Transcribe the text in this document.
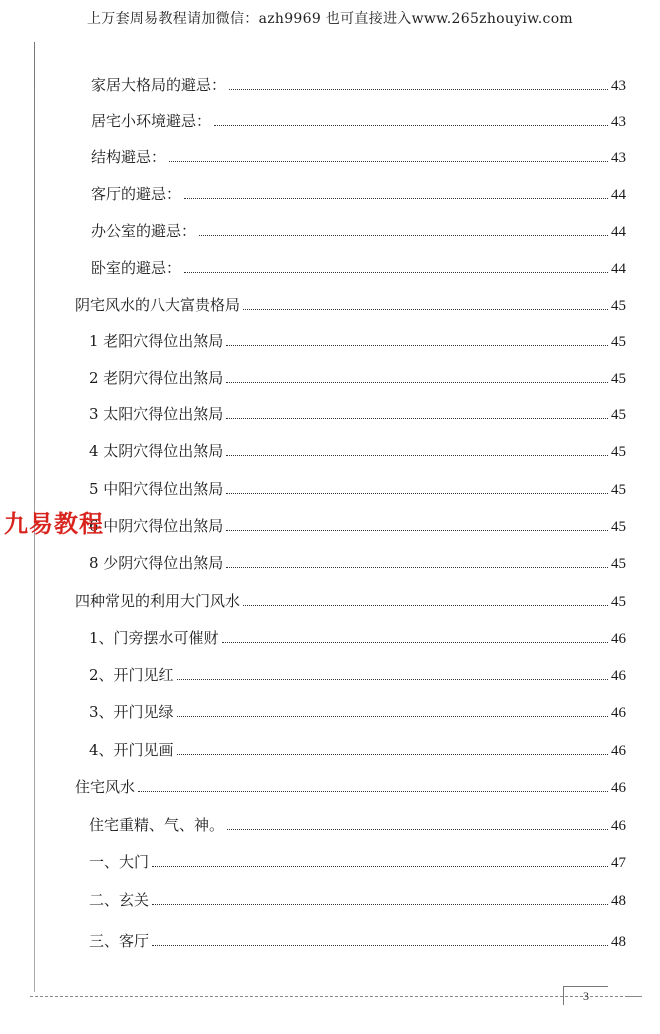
上万套周易教程请加微信：azh9969 也可直接进入www.265zhouyiw.com
家居大格局的避忌：	43
居宅小环境避忌：	43
结构避忌：	43
客厅的避忌：	44
办公室的避忌：	44
卧室的避忌：	44
阴宅风水的八大富贵格局	45
1 老阳穴得位出煞局	45
2 老阴穴得位出煞局	45
3 太阳穴得位出煞局	45
4 太阴穴得位出煞局	45
5 中阳穴得位出煞局	45
6 中阴穴得位出煞局	45
8 少阴穴得位出煞局	45
四种常见的利用大门风水	45
1、门旁摆水可催财	46
2、开门见红	46
3、开门见绿	46
4、开门见画	46
住宅风水	46
住宅重精、气、神。	46
一、大门	47
二、玄关	48
三、客厅	48
九易教程
3
